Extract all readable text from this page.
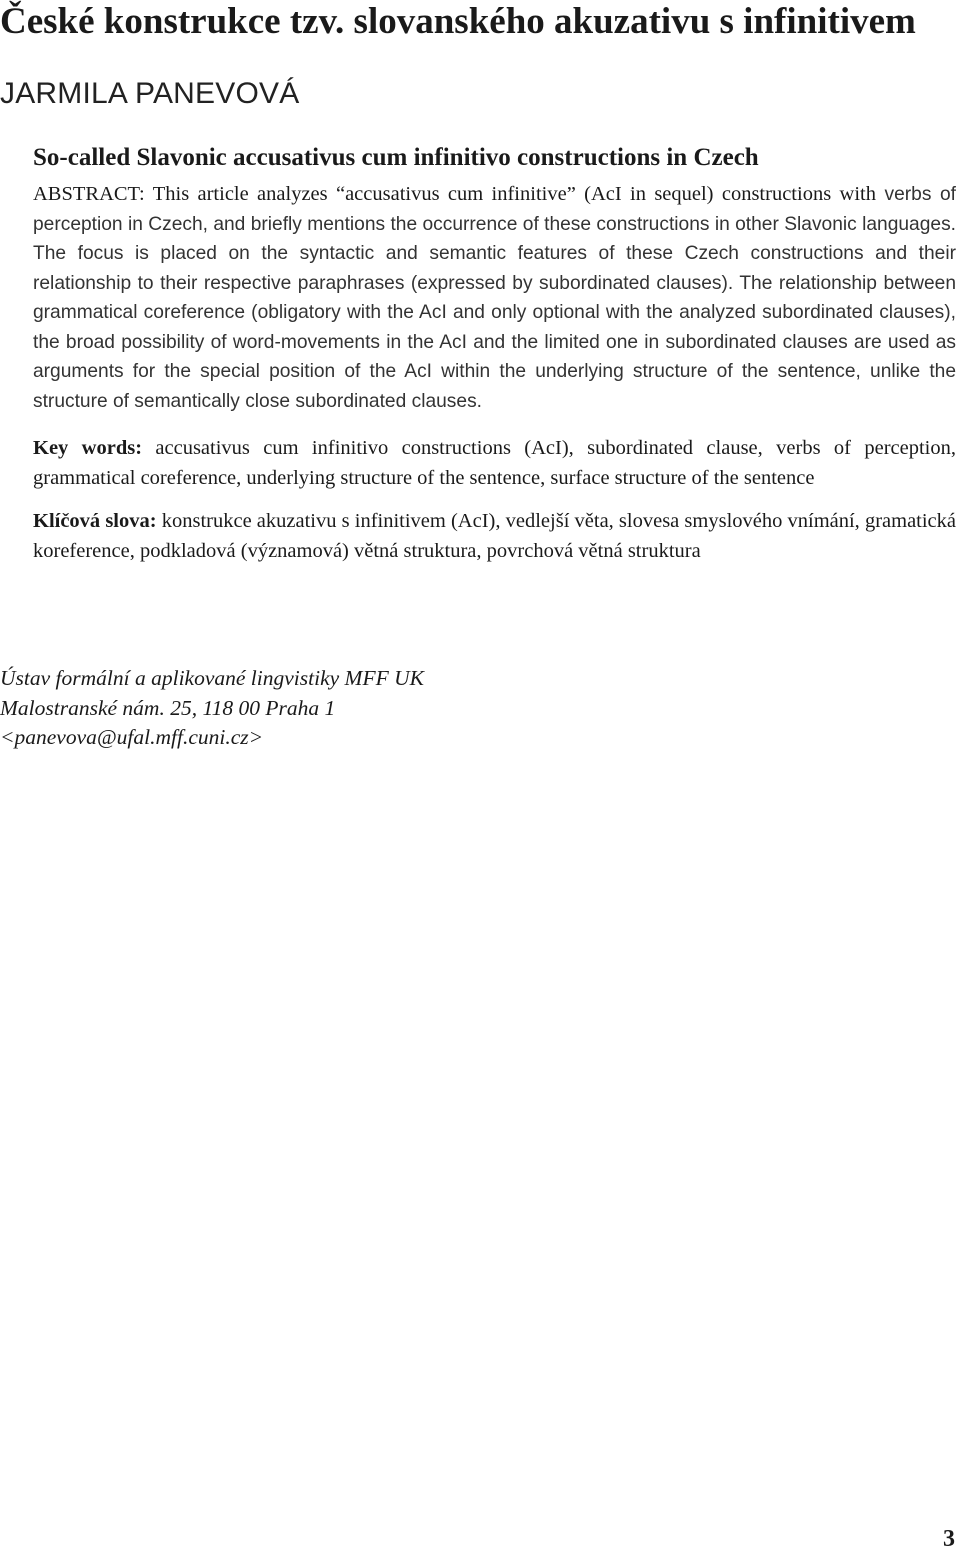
České konstrukce tzv. slovanského akuzativu s infinitivem
JARMILA PANEVOVÁ
So-called Slavonic accusativus cum infinitivo constructions in Czech

ABSTRACT: This article analyzes “accusativus cum infinitive” (AcI in sequel) constructions with verbs of perception in Czech, and briefly mentions the occurrence of these constructions in other Slavonic languages. The focus is placed on the syntactic and semantic features of these Czech constructions and their relationship to their respective paraphrases (expressed by subordinated clauses). The relationship between grammatical coreference (obligatory with the AcI and only optional with the analyzed subordinated clauses), the broad possibility of word-movements in the AcI and the limited one in subordinated clauses are used as arguments for the special position of the AcI within the underlying structure of the sentence, unlike the structure of semantically close subordinated clauses.

Key words: accusativus cum infinitivo constructions (AcI), subordinated clause, verbs of perception, grammatical coreference, underlying structure of the sentence, surface structure of the sentence

Klíčová slova: konstrukce akuzativu s infinitivem (AcI), vedlejší věta, slovesa smyslového vnímání, gramatická koreference, podkladová (významová) větná struktura, povrchová větná struktura

Ústav formální a aplikované lingvistiky MFF UK
Malostranské nám. 25, 118 00 Praha 1
<panevova@ufal.mff.cuni.cz>
3
